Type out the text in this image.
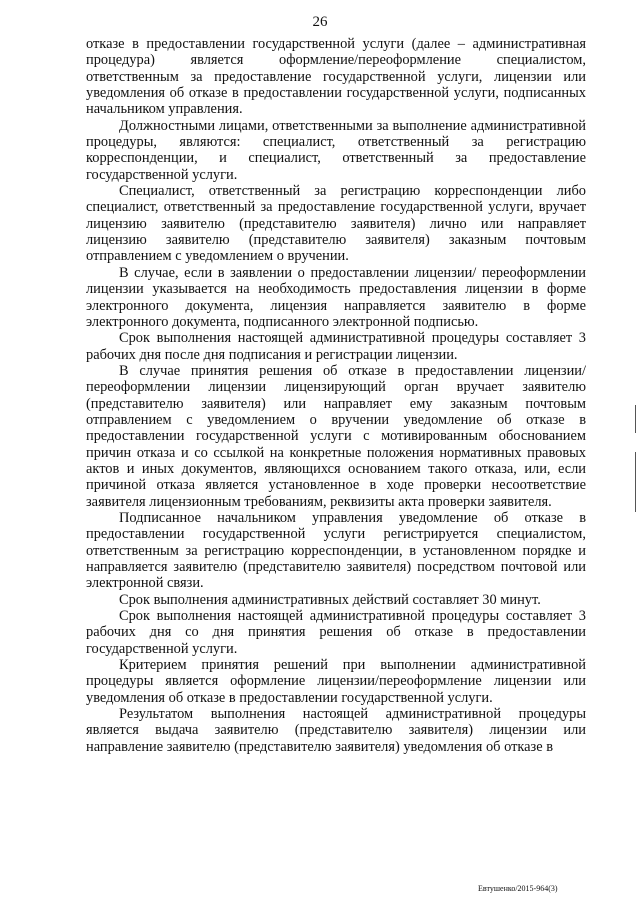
26

отказе в предоставлении государственной услуги (далее – административная процедура) является оформление/переоформление специалистом, ответственным за предоставление государственной услуги, лицензии или уведомления об отказе в предоставлении государственной услуги, подписанных начальником управления.

Должностными лицами, ответственными за выполнение административной процедуры, являются: специалист, ответственный за регистрацию корреспонденции, и специалист, ответственный за предоставление государственной услуги.

Специалист, ответственный за регистрацию корреспонденции либо специалист, ответственный за предоставление государственной услуги, вручает лицензию заявителю (представителю заявителя) лично или направляет лицензию заявителю (представителю заявителя) заказным почтовым отправлением с уведомлением о вручении.

В случае, если в заявлении о предоставлении лицензии/ переоформлении лицензии указывается на необходимость предоставления лицензии в форме электронного документа, лицензия направляется заявителю в форме электронного документа, подписанного электронной подписью.

Срок выполнения настоящей административной процедуры составляет 3 рабочих дня после дня подписания и регистрации лицензии.

В случае принятия решения об отказе в предоставлении лицензии/переоформлении лицензии лицензирующий орган вручает заявителю (представителю заявителя) или направляет ему заказным почтовым отправлением с уведомлением о вручении уведомление об отказе в предоставлении государственной услуги с мотивированным обоснованием причин отказа и со ссылкой на конкретные положения нормативных правовых актов и иных документов, являющихся основанием такого отказа, или, если причиной отказа является установленное в ходе проверки несоответствие заявителя лицензионным требованиям, реквизиты акта проверки заявителя.

Подписанное начальником управления уведомление об отказе в предоставлении государственной услуги регистрируется специалистом, ответственным за регистрацию корреспонденции, в установленном порядке и направляется заявителю (представителю заявителя) посредством почтовой или электронной связи.

Срок выполнения административных действий составляет 30 минут.

Срок выполнения настоящей административной процедуры составляет 3 рабочих дня со дня принятия решения об отказе в предоставлении государственной услуги.

Критерием принятия решений при выполнении административной процедуры является оформление лицензии/переоформление лицензии или уведомления об отказе в предоставлении государственной услуги.

Результатом выполнения настоящей административной процедуры является выдача заявителю (представителю заявителя) лицензии или направление заявителю (представителю заявителя) уведомления об отказе в

Евтушенко/2015-964(3)
